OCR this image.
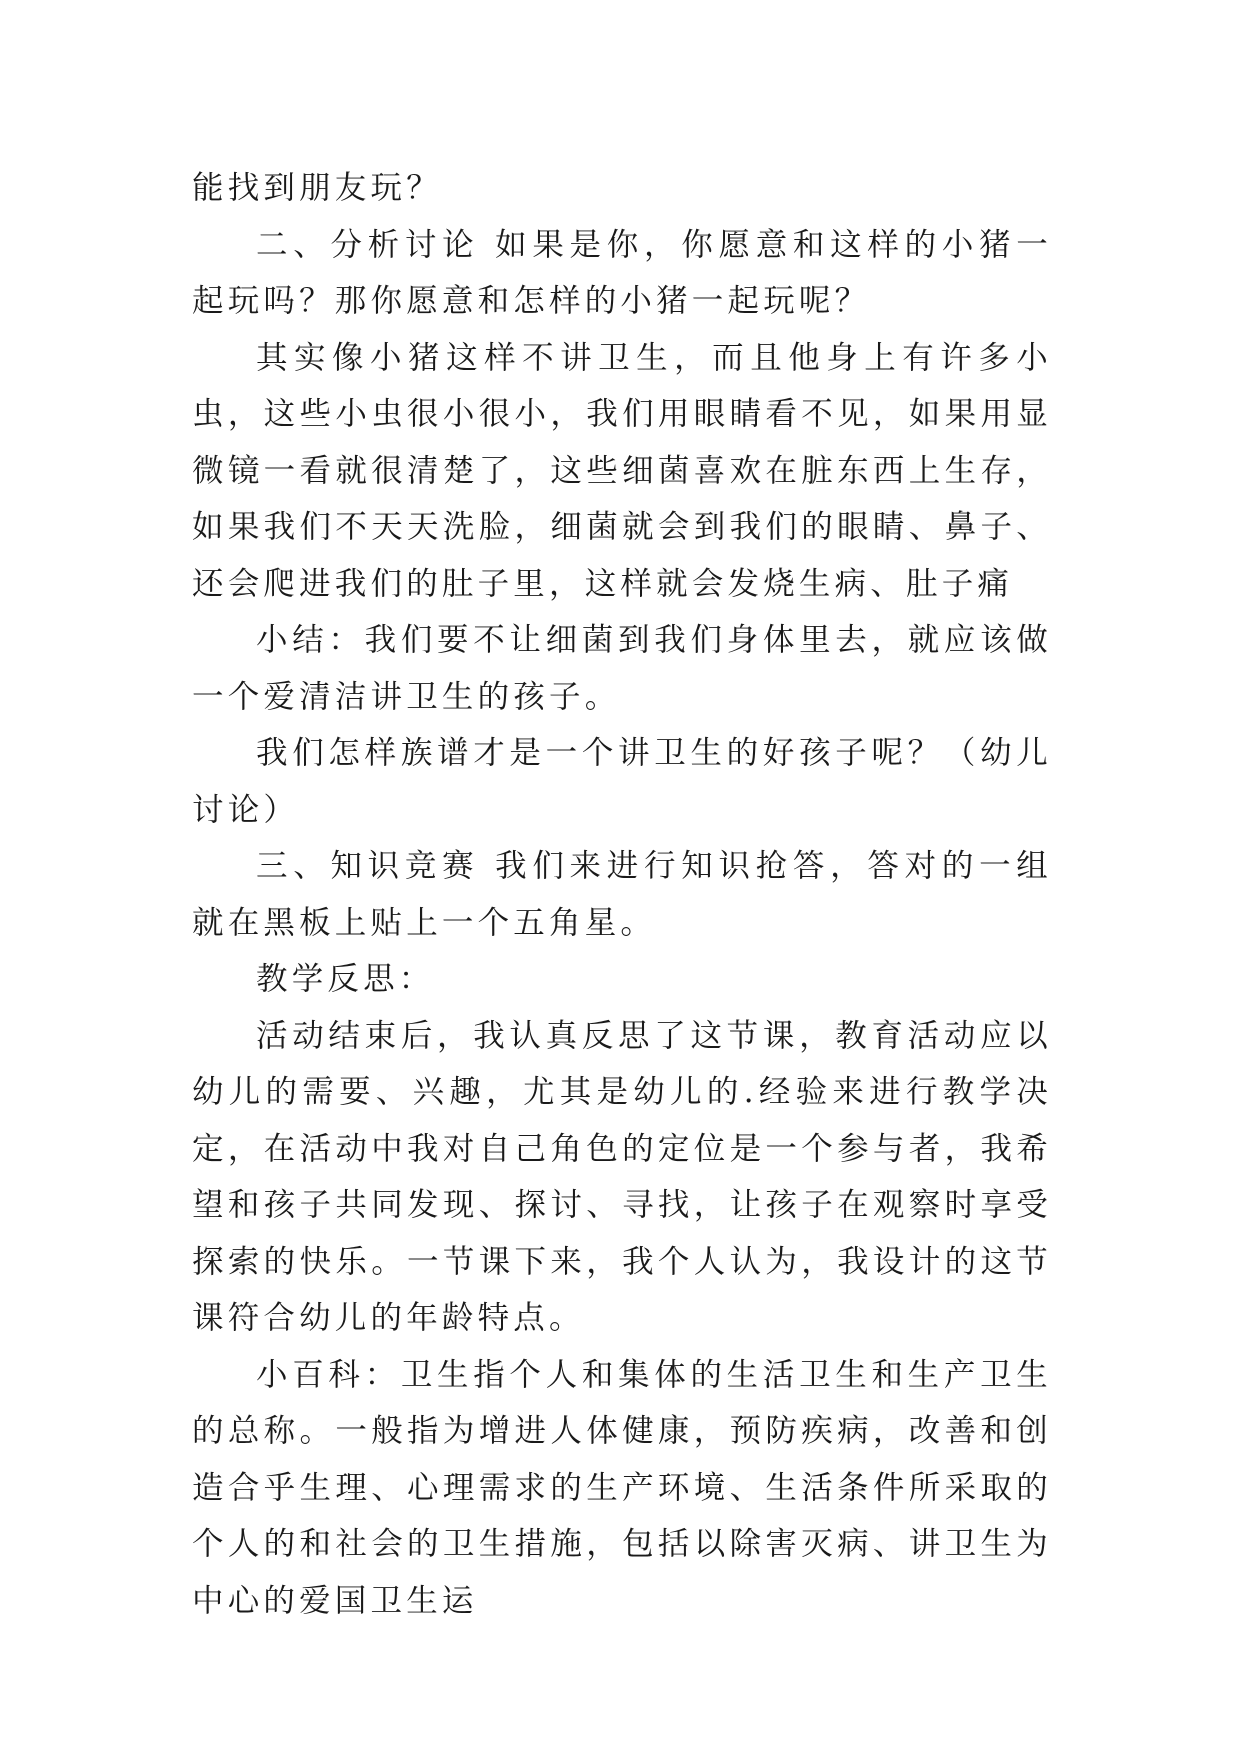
能找到朋友玩？

二、分析讨论 如果是你，你愿意和这样的小猪一起玩吗？那你愿意和怎样的小猪一起玩呢？

其实像小猪这样不讲卫生，而且他身上有许多小虫，这些小虫很小很小，我们用眼睛看不见，如果用显微镜一看就很清楚了，这些细菌喜欢在脏东西上生存，如果我们不天天洗脸，细菌就会到我们的眼睛、鼻子、还会爬进我们的肚子里，这样就会发烧生病、肚子痛

小结：我们要不让细菌到我们身体里去，就应该做一个爱清洁讲卫生的孩子。

我们怎样族谱才是一个讲卫生的好孩子呢？（幼儿讨论）

三、知识竞赛 我们来进行知识抢答，答对的一组就在黑板上贴上一个五角星。

教学反思：

活动结束后，我认真反思了这节课，教育活动应以幼儿的需要、兴趣，尤其是幼儿的.经验来进行教学决定，在活动中我对自己角色的定位是一个参与者，我希望和孩子共同发现、探讨、寻找，让孩子在观察时享受探索的快乐。一节课下来，我个人认为，我设计的这节课符合幼儿的年龄特点。

小百科：卫生指个人和集体的生活卫生和生产卫生的总称。一般指为增进人体健康，预防疾病，改善和创造合乎生理、心理需求的生产环境、生活条件所采取的个人的和社会的卫生措施，包括以除害灭病、讲卫生为中心的爱国卫生运
